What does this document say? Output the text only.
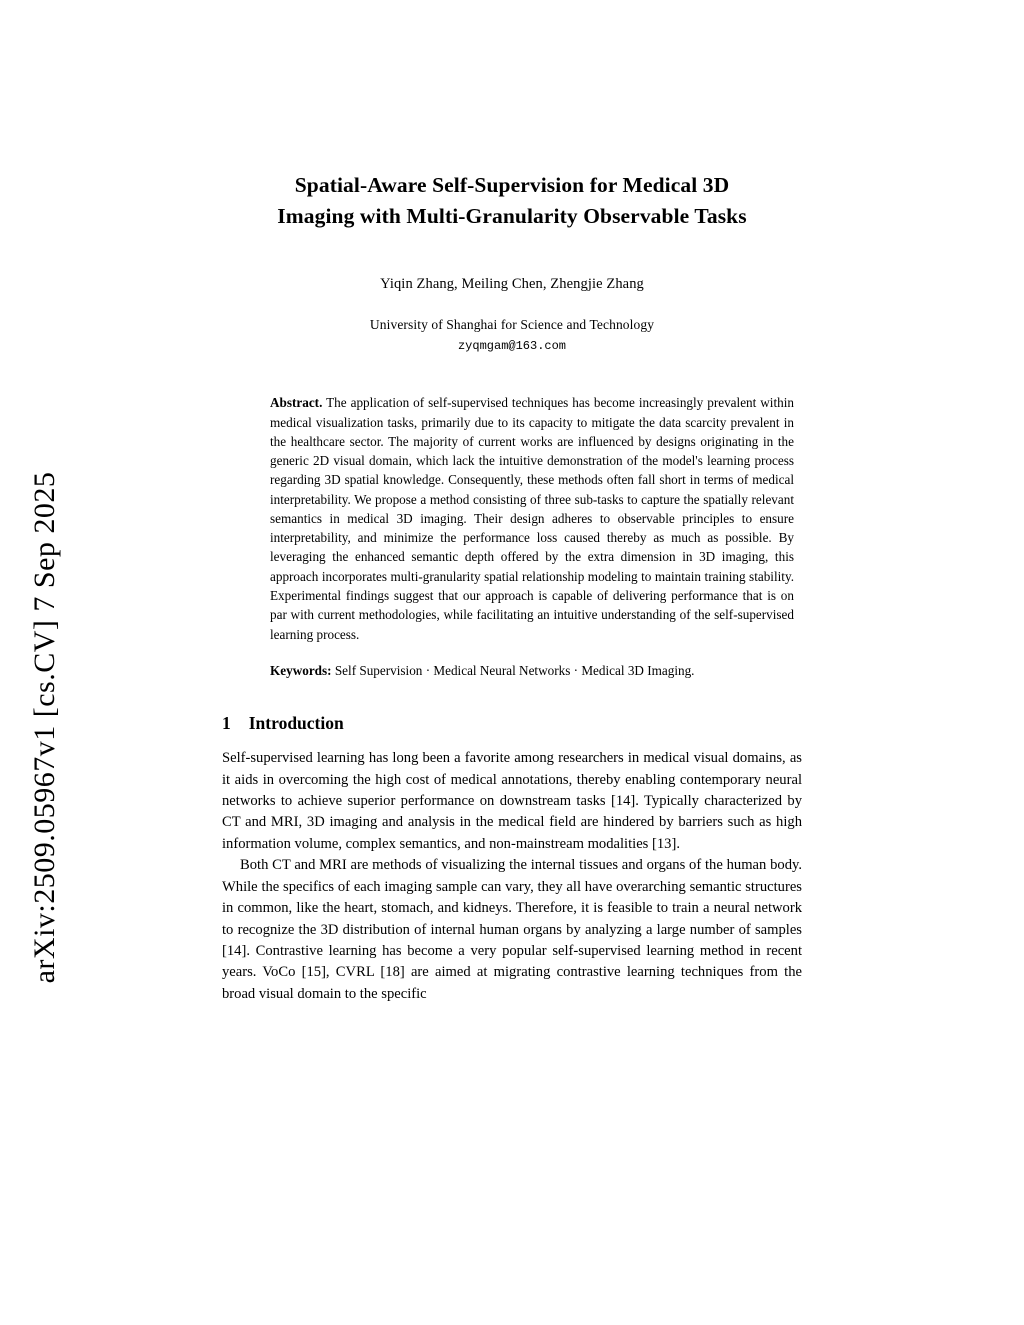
arXiv:2509.05967v1 [cs.CV] 7 Sep 2025
Spatial-Aware Self-Supervision for Medical 3D
Imaging with Multi-Granularity Observable Tasks
Yiqin Zhang, Meiling Chen, Zhengjie Zhang
University of Shanghai for Science and Technology
zyqmgam@163.com

Abstract. The application of self-supervised techniques has become increasingly prevalent within medical visualization tasks, primarily due to its capacity to mitigate the data scarcity prevalent in the healthcare sector. The majority of current works are influenced by designs originating in the generic 2D visual domain, which lack the intuitive demonstration of the model's learning process regarding 3D spatial knowledge. Consequently, these methods often fall short in terms of medical interpretability. We propose a method consisting of three sub-tasks to capture the spatially relevant semantics in medical 3D imaging. Their design adheres to observable principles to ensure interpretability, and minimize the performance loss caused thereby as much as possible. By leveraging the enhanced semantic depth offered by the extra dimension in 3D imaging, this approach incorporates multi-granularity spatial relationship modeling to maintain training stability. Experimental findings suggest that our approach is capable of delivering performance that is on par with current methodologies, while facilitating an intuitive understanding of the self-supervised learning process.

Keywords: Self Supervision · Medical Neural Networks · Medical 3D Imaging.

1 Introduction

Self-supervised learning has long been a favorite among researchers in medical visual domains, as it aids in overcoming the high cost of medical annotations, thereby enabling contemporary neural networks to achieve superior performance on downstream tasks [14]. Typically characterized by CT and MRI, 3D imaging and analysis in the medical field are hindered by barriers such as high information volume, complex semantics, and non-mainstream modalities [13].

Both CT and MRI are methods of visualizing the internal tissues and organs of the human body. While the specifics of each imaging sample can vary, they all have overarching semantic structures in common, like the heart, stomach, and kidneys. Therefore, it is feasible to train a neural network to recognize the 3D distribution of internal human organs by analyzing a large number of samples [14]. Contrastive learning has become a very popular self-supervised learning method in recent years. VoCo [15], CVRL [18] are aimed at migrating contrastive learning techniques from the broad visual domain to the specific
